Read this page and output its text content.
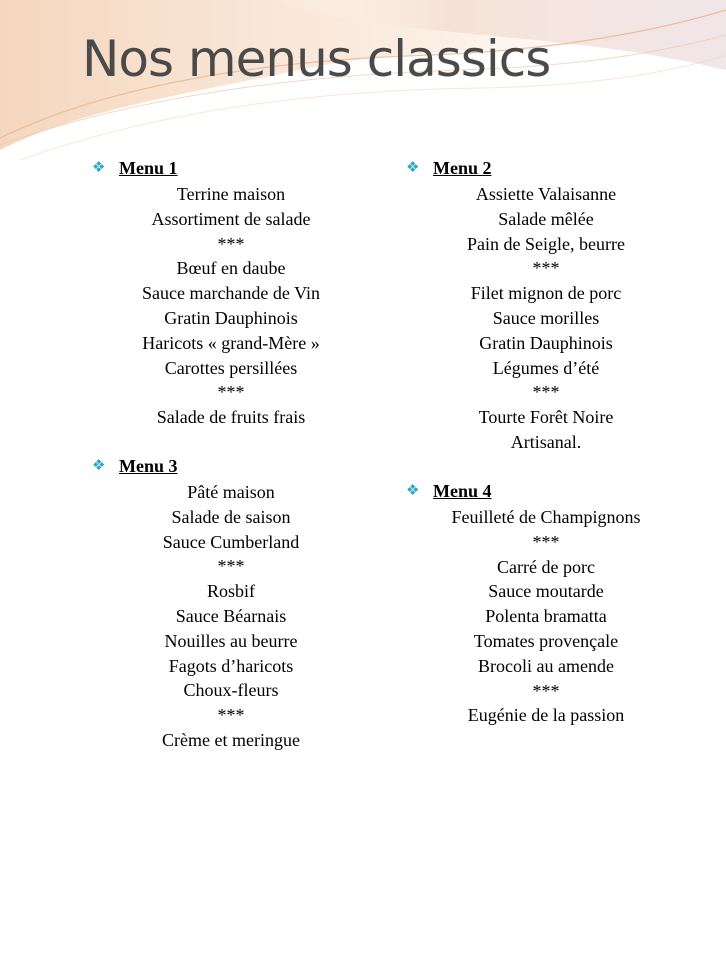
Nos menus classics
❖ Menu 1
Terrine maison
Assortiment de salade
***
Bœuf en daube
Sauce marchande de Vin
Gratin Dauphinois
Haricots « grand-Mère »
Carottes persillées
***
Salade de fruits frais
❖ Menu 2
Assiette Valaisanne
Salade mêlée
Pain de Seigle, beurre
***
Filet mignon de porc
Sauce morilles
Gratin Dauphinois
Légumes d’été
***
Tourte Forêt Noire
Artisanal.
❖ Menu 3
Pâté maison
Salade de saison
Sauce Cumberland
***
Rosbif
Sauce Béarnais
Nouilles au beurre
Fagots d’haricots
Choux-fleurs
***
Crème et meringue
❖ Menu 4
Feuilleté de Champignons
***
Carré de porc
Sauce moutarde
Polenta bramatta
Tomates provençale
Brocoli au amende
***
Eugénie de la passion
